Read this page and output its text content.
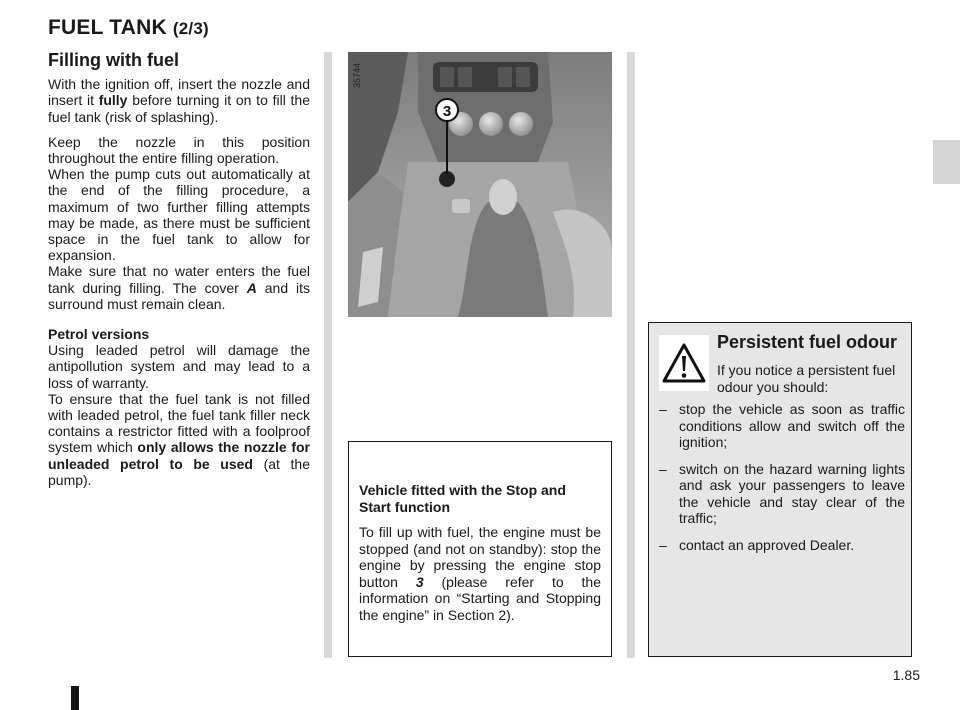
FUEL TANK (2/3)
Filling with fuel

With the ignition off, insert the nozzle and insert it fully before turning it on to fill the fuel tank (risk of splashing).

Keep the nozzle in this position throughout the entire filling operation.

When the pump cuts out automatically at the end of the filling procedure, a maximum of two further filling attempts may be made, as there must be sufficient space in the fuel tank to allow for expansion.

Make sure that no water enters the fuel tank during filling. The cover A and its surround must remain clean.

Petrol versions

Using leaded petrol will damage the antipollution system and may lead to a loss of warranty.

To ensure that the fuel tank is not filled with leaded petrol, the fuel tank filler neck contains a restrictor fitted with a foolproof system which only allows the nozzle for unleaded petrol to be used (at the pump).

3
35744
Vehicle fitted with the Stop and Start function

To fill up with fuel, the engine must be stopped (and not on standby): stop the engine by pressing the engine stop button 3 (please refer to the information on “Starting and Stopping the engine” in Section 2).

Persistent fuel odour
If you notice a persistent fuel odour you should:
– stop the vehicle as soon as traffic conditions allow and switch off the ignition;
– switch on the hazard warning lights and ask your passengers to leave the vehicle and stay clear of the traffic;
– contact an approved Dealer.
1.85
